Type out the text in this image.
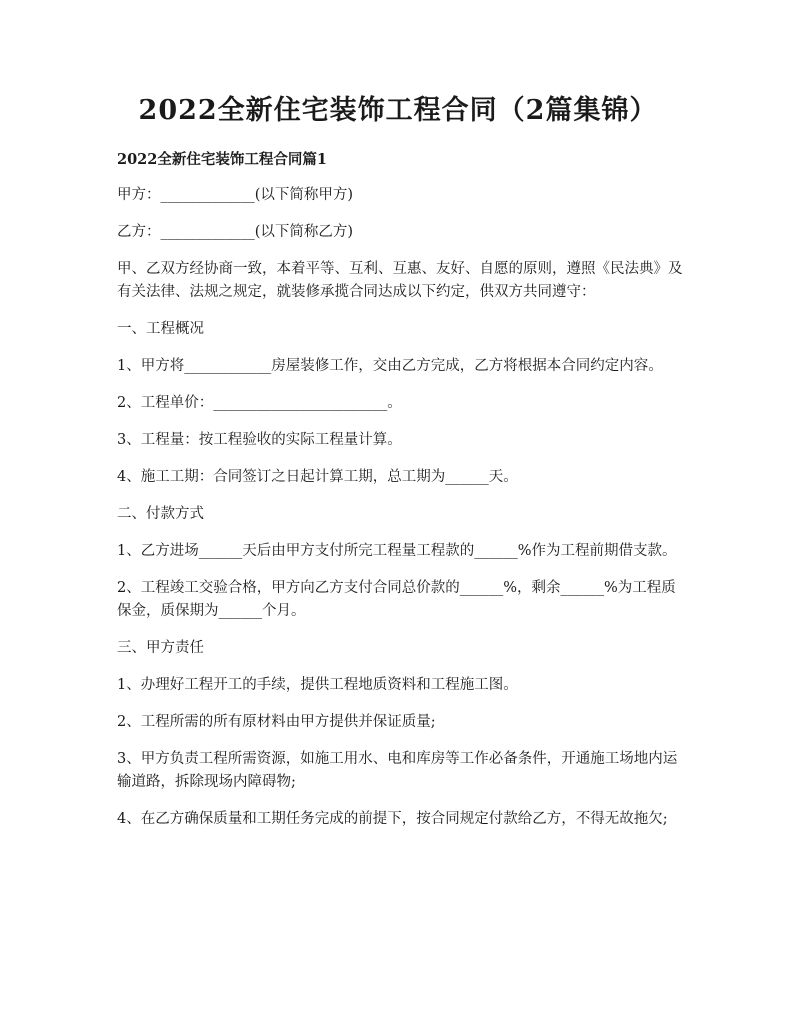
2022全新住宅装饰工程合同（2篇集锦）
2022全新住宅装饰工程合同篇1

甲方：_____________(以下简称甲方)

乙方：_____________(以下简称乙方)

甲、乙双方经协商一致，本着平等、互利、互惠、友好、自愿的原则，遵照《民法典》及有关法律、法规之规定，就装修承揽合同达成以下约定，供双方共同遵守：

一、工程概况

1、甲方将____________房屋装修工作，交由乙方完成，乙方将根据本合同约定内容。

2、工程单价：________________________。

3、工程量：按工程验收的实际工程量计算。

4、施工工期：合同签订之日起计算工期，总工期为______天。

二、付款方式

1、乙方进场______天后由甲方支付所完工程量工程款的______%作为工程前期借支款。

2、工程竣工交验合格，甲方向乙方支付合同总价款的______%，剩余______%为工程质保金，质保期为______个月。

三、甲方责任

1、办理好工程开工的手续，提供工程地质资料和工程施工图。

2、工程所需的所有原材料由甲方提供并保证质量;

3、甲方负责工程所需资源，如施工用水、电和库房等工作必备条件，开通施工场地内运输道路，拆除现场内障碍物;

4、在乙方确保质量和工期任务完成的前提下，按合同规定付款给乙方，不得无故拖欠;
